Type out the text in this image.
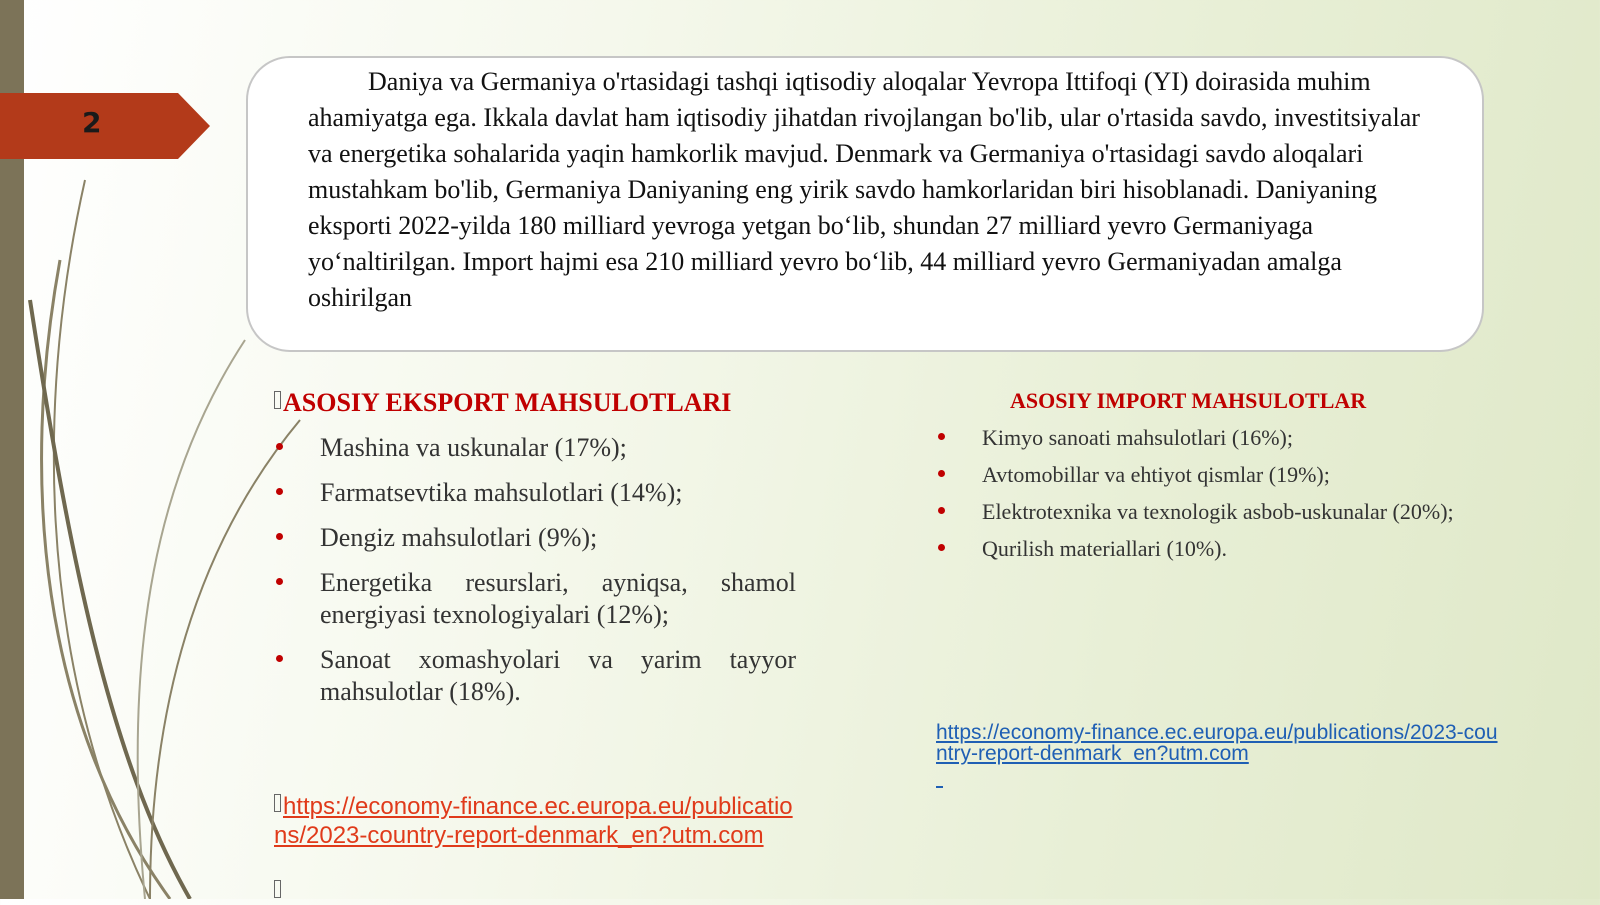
2

Daniya va Germaniya o'rtasidagi tashqi iqtisodiy aloqalar Yevropa Ittifoqi (YI) doirasida muhim ahamiyatga ega. Ikkala davlat ham iqtisodiy jihatdan rivojlangan bo'lib, ular o'rtasida savdo, investitsiyalar va energetika sohalarida yaqin hamkorlik mavjud. Denmark va Germaniya o'rtasidagi savdo aloqalari mustahkam bo'lib, Germaniya Daniyaning eng yirik savdo hamkorlaridan biri hisoblanadi. Daniyaning eksporti 2022-yilda 180 milliard yevroga yetgan bo‘lib, shundan 27 milliard yevro Germaniyaga yo‘naltirilgan. Import hajmi esa 210 milliard yevro bo‘lib, 44 milliard yevro Germaniyadan amalga oshirilgan

ASOSIY EKSPORT MAHSULOTLARI
Mashina va uskunalar (17%);
Farmatsevtika mahsulotlari (14%);
Dengiz mahsulotlari (9%);
Energetika resurslari, ayniqsa, shamol energiyasi texnologiyalari (12%);
Sanoat xomashyolari va yarim tayyor mahsulotlar (18%).
ASOSIY IMPORT MAHSULOTLAR
Kimyo sanoati mahsulotlari (16%);
Avtomobillar va ehtiyot qismlar (19%);
Elektrotexnika va texnologik asbob-uskunalar (20%);
Qurilish materiallari (10%).
https://economy-finance.ec.europa.eu/publications/2023-country-report-denmark_en?utm.com
https://economy-finance.ec.europa.eu/publications/2023-country-report-denmark_en?utm.com
